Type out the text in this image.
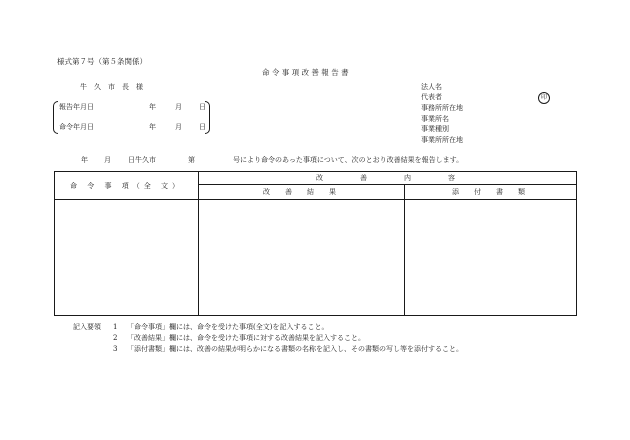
様式第７号（第５条関係）
命 令 事 項 改 善 報 告 書
牛　久　市　長　様
報告年月日	年	月 日
命令年月日	年	月 日
法人名
代表者
事務所所在地
事業所名
事業種別
事業所所在地
印
年 月 日牛久市	第	号により命令のあった事項について、次のとおり改善結果を報告します。
命 令 事 項（全 文）	改　　　善　　　内　　　容	
	改　善　結　果	添　付　書　類

記入要領 1 「命令事項」欄には、命令を受けた事項(全文)を記入すること。
2 「改善結果」欄には、命令を受けた事項に対する改善結果を記入すること。
3 「添付書類」欄には、改善の結果が明らかになる書類の名称を記入し、その書類の写し等を添付すること。
